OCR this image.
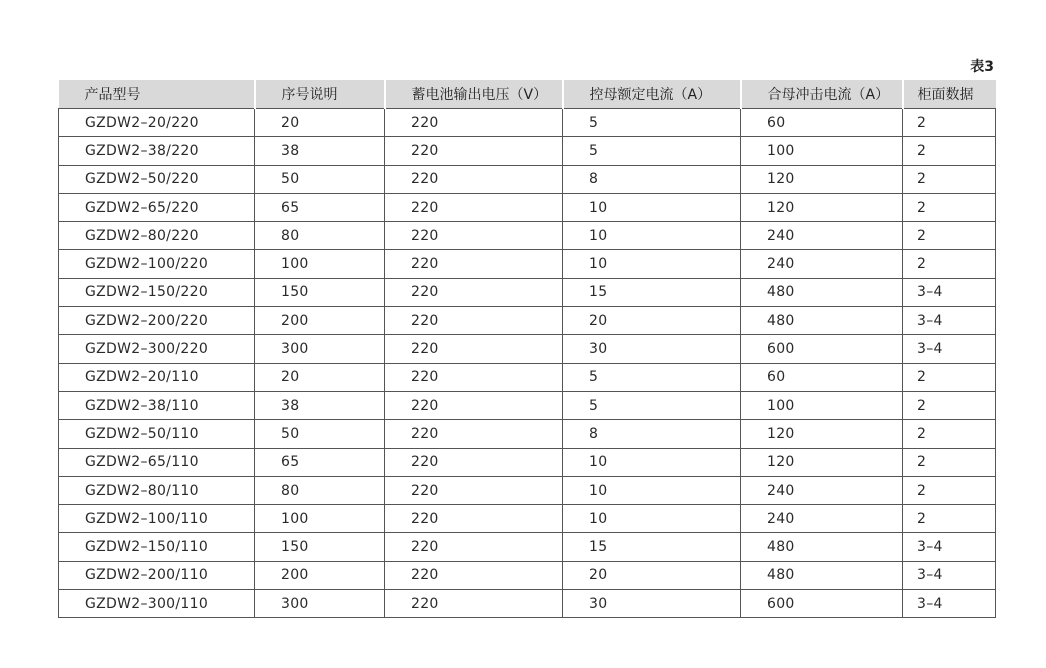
表3
产品型号	序号说明	蓄电池输出电压（V）	控母额定电流（A）	合母冲击电流（A）	柜面数据
GZDW2–20/220	20	220	5	60	2
GZDW2–38/220	38	220	5	100	2
GZDW2–50/220	50	220	8	120	2
GZDW2–65/220	65	220	10	120	2
GZDW2–80/220	80	220	10	240	2
GZDW2–100/220	100	220	10	240	2
GZDW2–150/220	150	220	15	480	3–4
GZDW2–200/220	200	220	20	480	3–4
GZDW2–300/220	300	220	30	600	3–4
GZDW2–20/110	20	220	5	60	2
GZDW2–38/110	38	220	5	100	2
GZDW2–50/110	50	220	8	120	2
GZDW2–65/110	65	220	10	120	2
GZDW2–80/110	80	220	10	240	2
GZDW2–100/110	100	220	10	240	2
GZDW2–150/110	150	220	15	480	3–4
GZDW2–200/110	200	220	20	480	3–4
GZDW2–300/110	300	220	30	600	3–4
